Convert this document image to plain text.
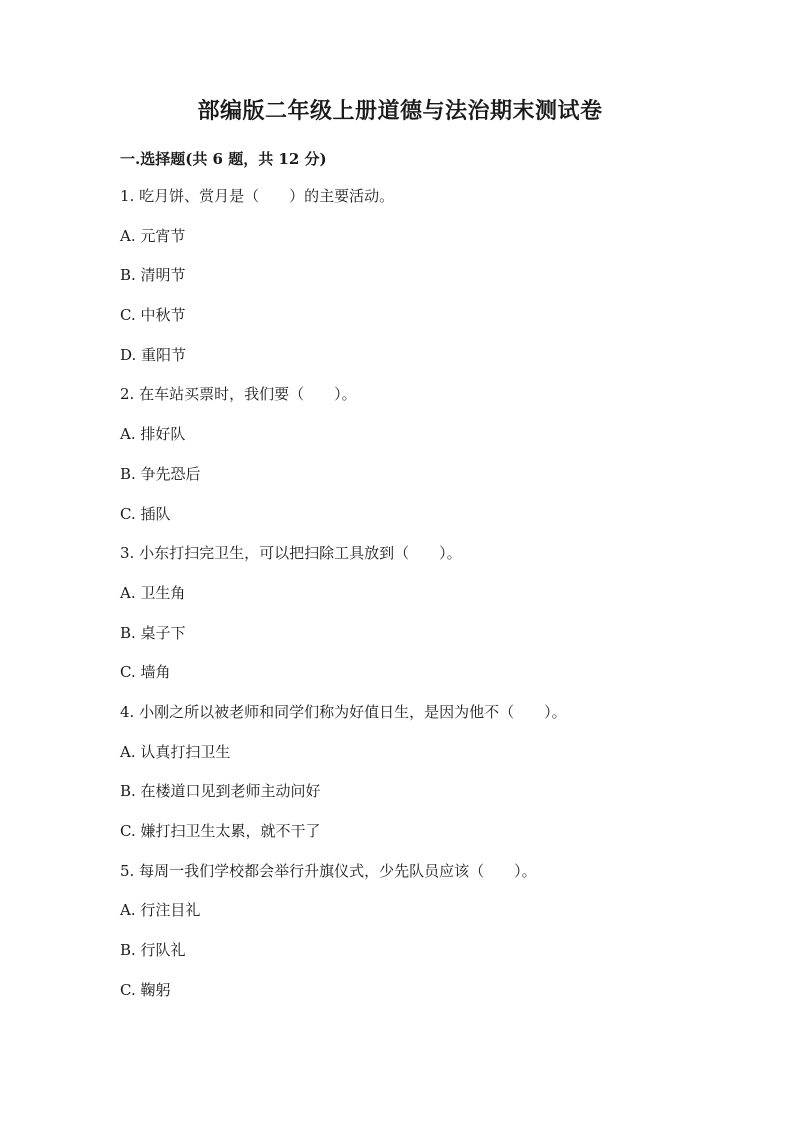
部编版二年级上册道德与法治期末测试卷
一.选择题(共 6 题，共 12 分)
1. 吃月饼、赏月是（　　）的主要活动。
A. 元宵节
B. 清明节
C. 中秋节
D. 重阳节
2. 在车站买票时，我们要（　　）。
A. 排好队
B. 争先恐后
C. 插队
3. 小东打扫完卫生，可以把扫除工具放到（　　）。
A. 卫生角
B. 桌子下
C. 墙角
4. 小刚之所以被老师和同学们称为好值日生，是因为他不（　　）。
A. 认真打扫卫生
B. 在楼道口见到老师主动问好
C. 嫌打扫卫生太累，就不干了
5. 每周一我们学校都会举行升旗仪式，少先队员应该（　　）。
A. 行注目礼
B. 行队礼
C. 鞠躬
